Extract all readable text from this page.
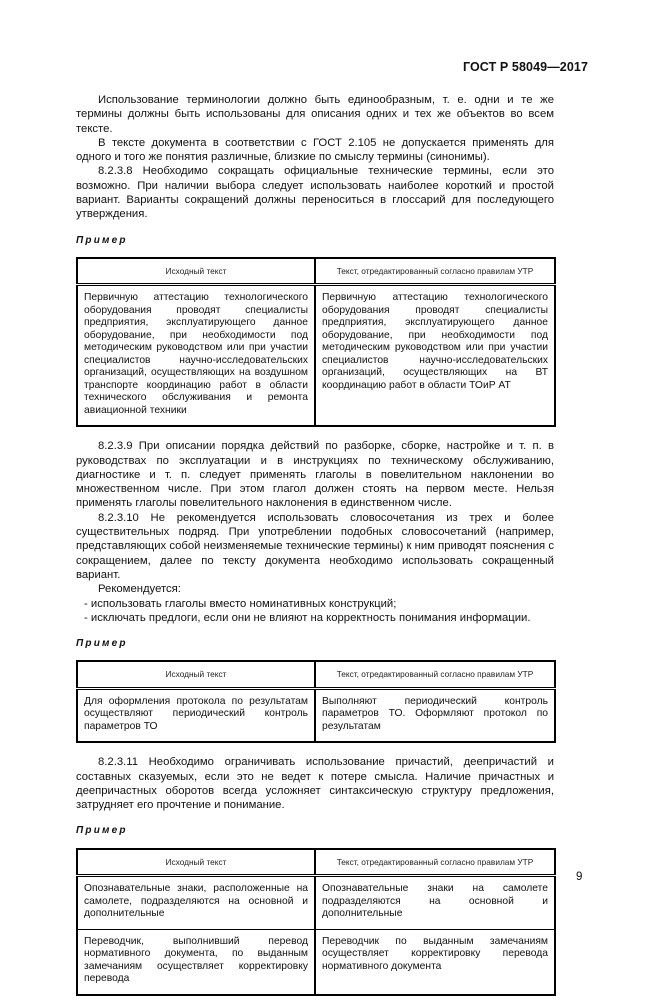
ГОСТ Р 58049—2017

Использование терминологии должно быть единообразным, т. е. одни и те же термины должны быть использованы для описания одних и тех же объектов во всем тексте.

В тексте документа в соответствии с ГОСТ 2.105 не допускается применять для одного и того же понятия различные, близкие по смыслу термины (синонимы).

8.2.3.8 Необходимо сокращать официальные технические термины, если это возможно. При наличии выбора следует использовать наиболее короткий и простой вариант. Варианты сокращений должны переноситься в глоссарий для последующего утверждения.

Пример
Исходный текст	Текст, отредактированный согласно правилам УТР
Первичную аттестацию технологического оборудования проводят специалисты предприятия, эксплуатирующего данное оборудование, при необходимости под методическим руководством или при участии специалистов научно-исследовательских организаций, осуществляющих на воздушном транспорте координацию работ в области технического обслуживания и ремонта авиационной техники	Первичную аттестацию технологического оборудования проводят специалисты предприятия, эксплуатирующего данное оборудование, при необходимости под методическим руководством или при участии специалистов научно-исследовательских организаций, осуществляющих на ВТ координацию работ в области ТОиР АТ

8.2.3.9 При описании порядка действий по разборке, сборке, настройке и т. п. в руководствах по эксплуатации и в инструкциях по техническому обслуживанию, диагностике и т. п. следует применять глаголы в повелительном наклонении во множественном числе. При этом глагол должен стоять на первом месте. Нельзя применять глаголы повелительного наклонения в единственном числе.

8.2.3.10 Не рекомендуется использовать словосочетания из трех и более существительных подряд. При употреблении подобных словосочетаний (например, представляющих собой неизменяемые технические термины) к ним приводят пояснения с сокращением, далее по тексту документа необходимо использовать сокращенный вариант.

Рекомендуется:

- использовать глаголы вместо номинативных конструкций;
- исключать предлоги, если они не влияют на корректность понимания информации.
Пример
Исходный текст	Текст, отредактированный согласно правилам УТР
Для оформления протокола по результатам осуществляют периодический контроль параметров ТО	Выполняют периодический контроль параметров ТО. Оформляют протокол по результатам

8.2.3.11 Необходимо ограничивать использование причастий, деепричастий и составных сказуемых, если это не ведет к потере смысла. Наличие причастных и деепричастных оборотов всегда усложняет синтаксическую структуру предложения, затрудняет его прочтение и понимание.

Пример
Исходный текст	Текст, отредактированный согласно правилам УТР
Опознавательные знаки, расположенные на самолете, подразделяются на основной и дополнительные	Опознавательные знаки на самолете подразделяются на основной и дополнительные
Переводчик, выполнивший перевод нормативного документа, по выданным замечаниям осуществляет корректировку перевода	Переводчик по выданным замечаниям осуществляет корректировку перевода нормативного документа
9
